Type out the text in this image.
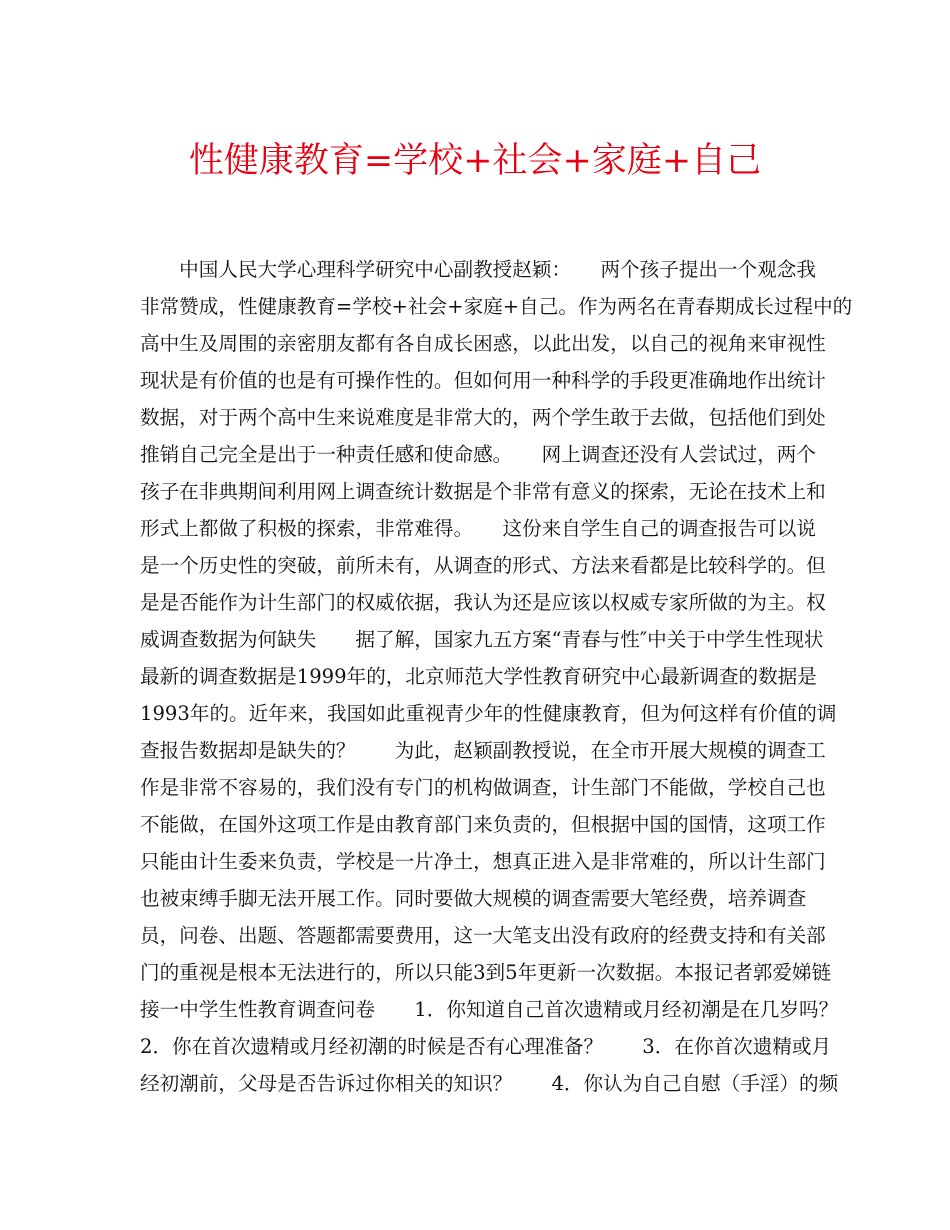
性健康教育=学校+社会+家庭+自己
　　中国人民大学心理科学研究中心副教授赵颖：　　两个孩子提出一个观念我
非常赞成，性健康教育=学校+社会+家庭+自己。作为两名在青春期成长过程中的
高中生及周围的亲密朋友都有各自成长困惑，以此出发，以自己的视角来审视性
现状是有价值的也是有可操作性的。但如何用一种科学的手段更准确地作出统计
数据，对于两个高中生来说难度是非常大的，两个学生敢于去做，包括他们到处
推销自己完全是出于一种责任感和使命感。　　网上调查还没有人尝试过，两个
孩子在非典期间利用网上调查统计数据是个非常有意义的探索，无论在技术上和
形式上都做了积极的探索，非常难得。　　这份来自学生自己的调查报告可以说
是一个历史性的突破，前所未有，从调查的形式、方法来看都是比较科学的。但
是是否能作为计生部门的权威依据，我认为还是应该以权威专家所做的为主。权
威调查数据为何缺失　　据了解，国家九五方案“青春与性″中关于中学生性现状
最新的调查数据是1999年的，北京师范大学性教育研究中心最新调查的数据是
1993年的。近年来，我国如此重视青少年的性健康教育，但为何这样有价值的调
查报告数据却是缺失的？　　为此，赵颖副教授说，在全市开展大规模的调查工
作是非常不容易的，我们没有专门的机构做调查，计生部门不能做，学校自己也
不能做，在国外这项工作是由教育部门来负责的，但根据中国的国情，这项工作
只能由计生委来负责，学校是一片净土，想真正进入是非常难的，所以计生部门
也被束缚手脚无法开展工作。同时要做大规模的调查需要大笔经费，培养调查
员，问卷、出题、答题都需要费用，这一大笔支出没有政府的经费支持和有关部
门的重视是根本无法进行的，所以只能3到5年更新一次数据。本报记者郭爱娣链
接一中学生性教育调查问卷　　1．你知道自己首次遗精或月经初潮是在几岁吗？
2．你在首次遗精或月经初潮的时候是否有心理准备？　　3．在你首次遗精或月
经初潮前，父母是否告诉过你相关的知识？　　4．你认为自己自慰（手淫）的频
